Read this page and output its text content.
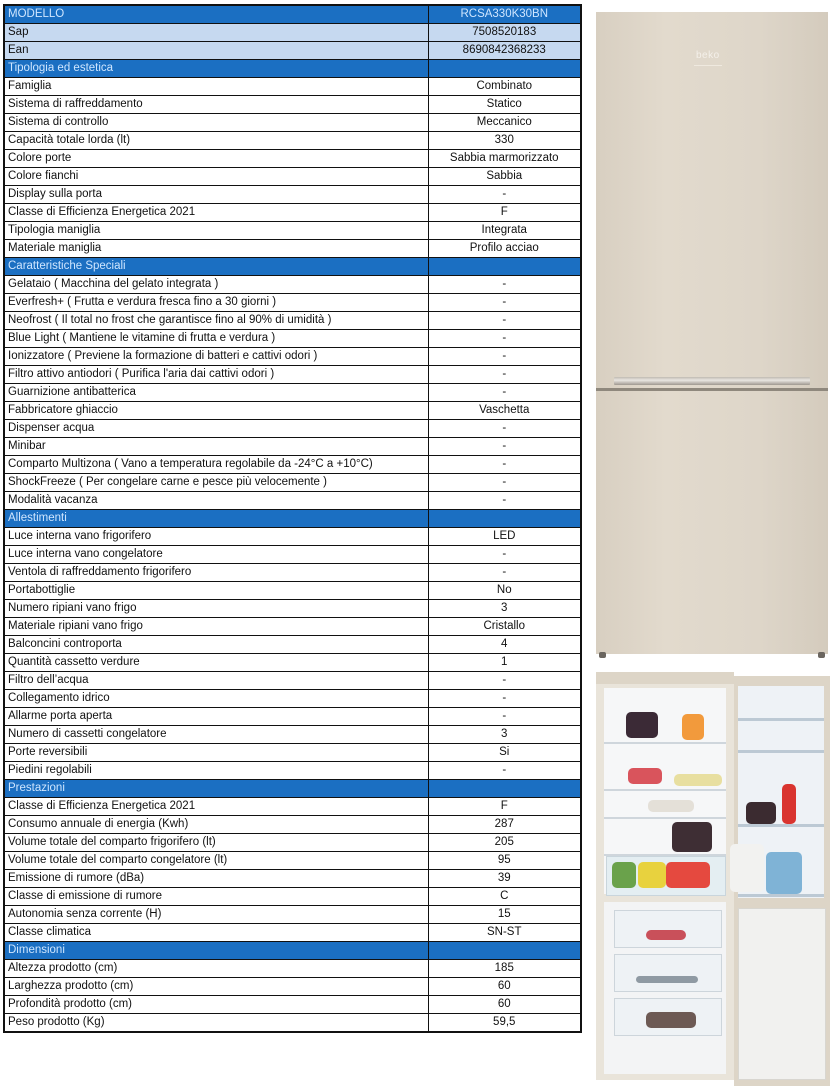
MODELLO	RCSA330K30BN
Sap	7508520183
Ean	8690842368233
Tipologia ed estetica	
Famiglia	Combinato
Sistema di raffreddamento	Statico
Sistema di controllo	Meccanico
Capacità totale lorda (lt)	330
Colore porte	Sabbia marmorizzato
Colore fianchi	Sabbia
Display sulla porta	-
Classe di Efficienza Energetica 2021	F
Tipologia maniglia	Integrata
Materiale maniglia	Profilo acciao
Caratteristiche Speciali	
Gelataio ( Macchina del gelato integrata )	-
Everfresh+ ( Frutta e verdura fresca fino a 30 giorni )	-
Neofrost ( Il total no frost che garantisce fino al 90% di umidità )	-
Blue Light ( Mantiene le vitamine di frutta e verdura )	-
Ionizzatore ( Previene la formazione di batteri e cattivi odori )	-
Filtro attivo antiodori ( Purifica l'aria dai cattivi odori )	-
Guarnizione antibatterica	-
Fabbricatore ghiaccio	Vaschetta
Dispenser acqua	-
Minibar	-
Comparto Multizona ( Vano a temperatura regolabile da -24°C a +10°C)	-
ShockFreeze ( Per congelare carne e pesce più velocemente )	-
Modalità vacanza	-
Allestimenti	
Luce interna vano frigorifero	LED
Luce interna vano congelatore	-
Ventola di raffreddamento frigorifero	-
Portabottiglie	No
Numero ripiani vano frigo	3
Materiale ripiani vano frigo	Cristallo
Balconcini controporta	4
Quantità cassetto verdure	1
Filtro dell’acqua	-
Collegamento idrico	-
Allarme porta aperta	-
Numero di cassetti congelatore	3
Porte reversibili	Si
Piedini regolabili	-
Prestazioni	
Classe di Efficienza Energetica 2021	F
Consumo annuale di energia (Kwh)	287
Volume totale del comparto frigorifero (lt)	205
Volume totale del comparto congelatore (lt)	95
Emissione di rumore (dBa)	39
Classe di emissione di rumore	C
Autonomia senza corrente (H)	15
Classe climatica	SN-ST
Dimensioni	
Altezza prodotto (cm)	185
Larghezza prodotto (cm)	60
Profondità prodotto (cm)	60
Peso prodotto (Kg)	59,5
beko
